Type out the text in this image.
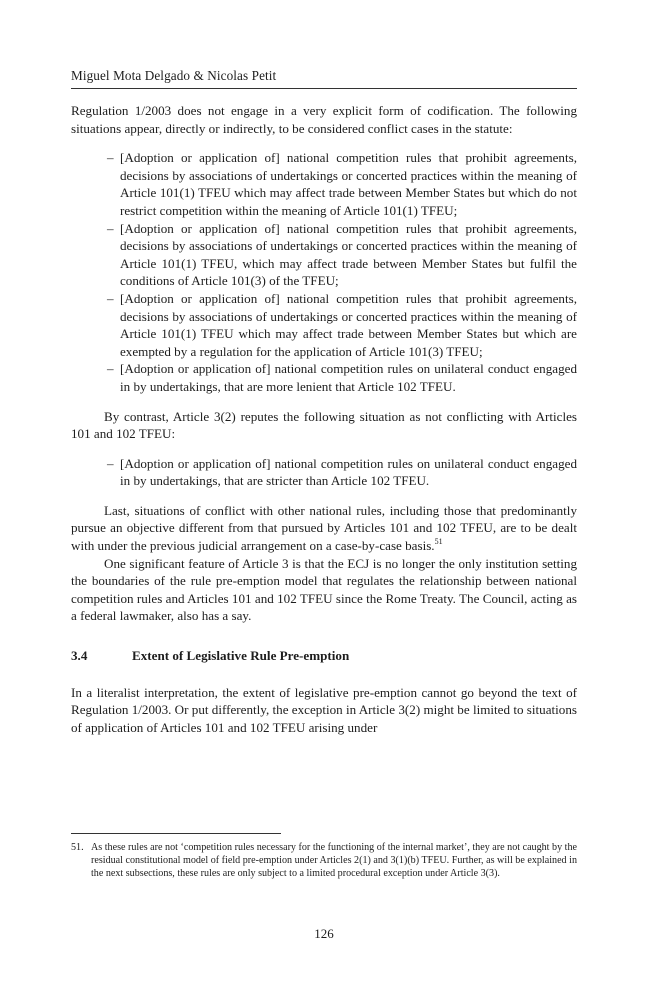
Miguel Mota Delgado & Nicolas Petit

Regulation 1/2003 does not engage in a very explicit form of codification. The following situations appear, directly or indirectly, to be considered conflict cases in the statute:

– [Adoption or application of] national competition rules that prohibit agreements, decisions by associations of undertakings or concerted practices within the meaning of Article 101(1) TFEU which may affect trade between Member States but which do not restrict competition within the meaning of Article 101(1) TFEU;
– [Adoption or application of] national competition rules that prohibit agreements, decisions by associations of undertakings or concerted practices within the meaning of Article 101(1) TFEU, which may affect trade between Member States but fulfil the conditions of Article 101(3) of the TFEU;
– [Adoption or application of] national competition rules that prohibit agreements, decisions by associations of undertakings or concerted practices within the meaning of Article 101(1) TFEU which may affect trade between Member States but which are exempted by a regulation for the application of Article 101(3) TFEU;
– [Adoption or application of] national competition rules on unilateral conduct engaged in by undertakings, that are more lenient that Article 102 TFEU.

By contrast, Article 3(2) reputes the following situation as not conflicting with Articles 101 and 102 TFEU:

– [Adoption or application of] national competition rules on unilateral conduct engaged in by undertakings, that are stricter than Article 102 TFEU.

Last, situations of conflict with other national rules, including those that predominantly pursue an objective different from that pursued by Articles 101 and 102 TFEU, are to be dealt with under the previous judicial arrangement on a case-by-case basis.$^{51}$

One significant feature of Article 3 is that the ECJ is no longer the only institution setting the boundaries of the rule pre-emption model that regulates the relationship between national competition rules and Articles 101 and 102 TFEU since the Rome Treaty. The Council, acting as a federal lawmaker, also has a say.

3.4	Extent of Legislative Rule Pre-emption

In a literalist interpretation, the extent of legislative pre-emption cannot go beyond the text of Regulation 1/2003. Or put differently, the exception in Article 3(2) might be limited to situations of application of Articles 101 and 102 TFEU arising under

51. As these rules are not ‘competition rules necessary for the functioning of the internal market’, they are not caught by the residual constitutional model of field pre-emption under Articles 2(1) and 3(1)(b) TFEU. Further, as will be explained in the next subsections, these rules are only subject to a limited procedural exception under Article 3(3).
126
